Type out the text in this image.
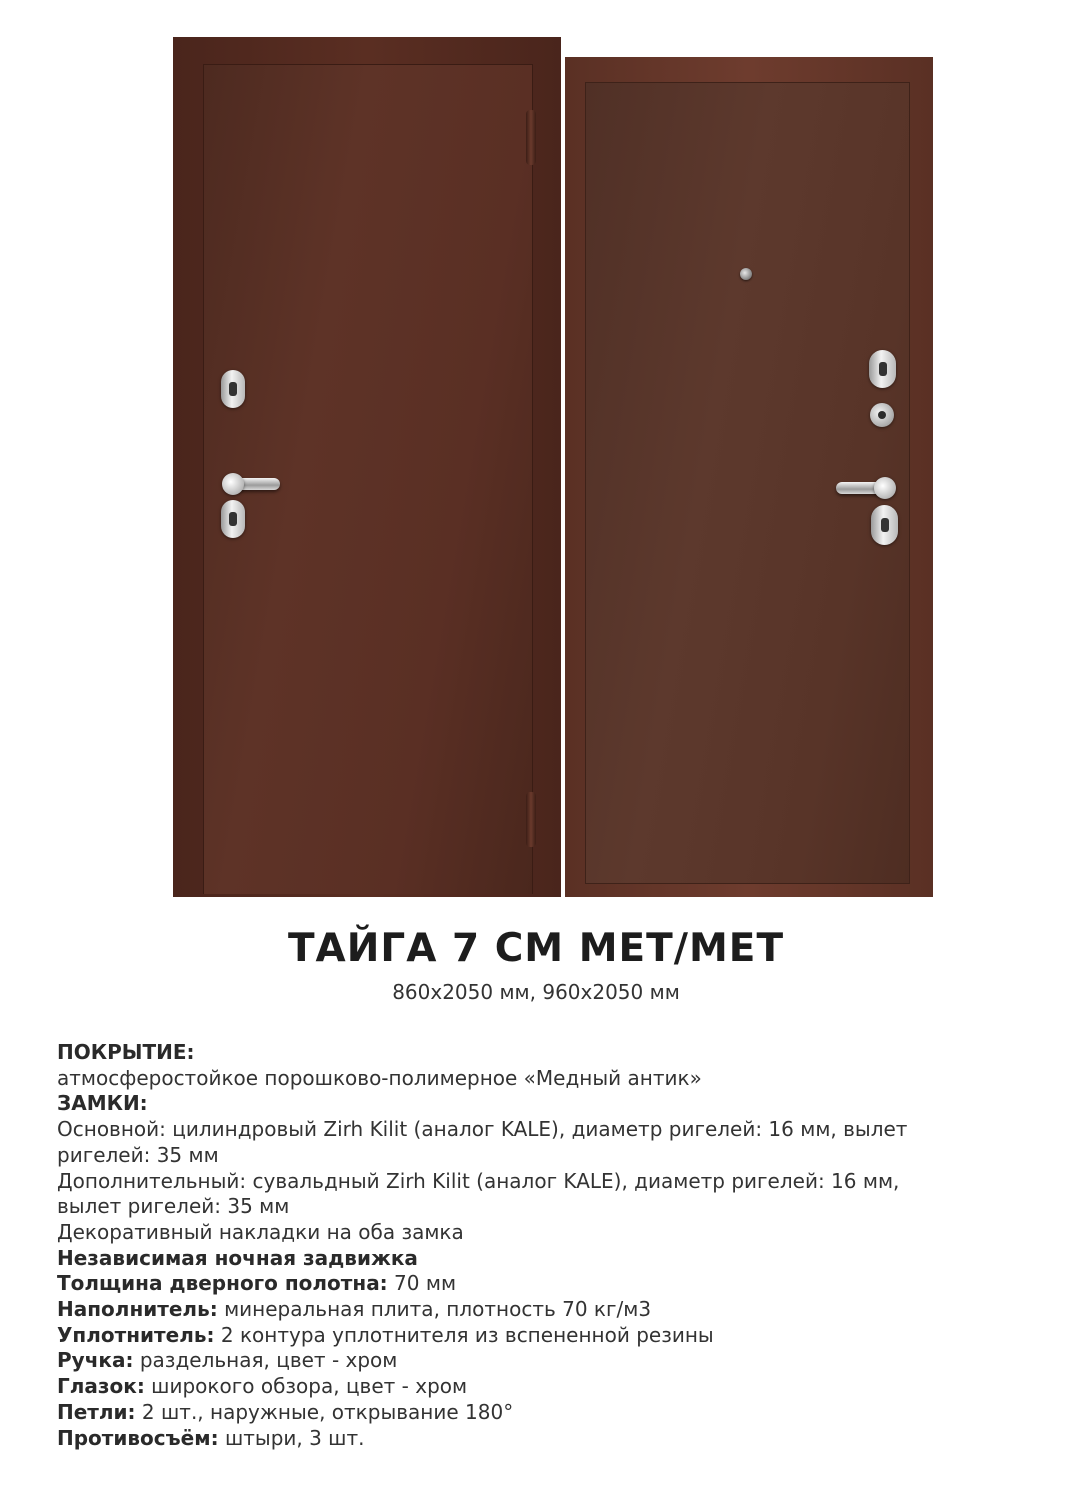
ТАЙГА 7 СМ МЕТ/МЕТ
860х2050 мм, 960х2050 мм
ПОКРЫТИЕ:
атмосферостойкое порошково-полимерное «Медный антик»
ЗАМКИ:
Основной: цилиндровый Zirh Kilit (аналог KALE), диаметр ригелей: 16 мм, вылет
ригелей: 35 мм
Дополнительный: сувальдный Zirh Kilit (аналог KALE), диаметр ригелей: 16 мм,
вылет ригелей: 35 мм
Декоративный накладки на оба замка
Независимая ночная задвижка
Толщина дверного полотна: 70 мм
Наполнитель: минеральная плита, плотность 70 кг/м3
Уплотнитель: 2 контура уплотнителя из вспененной резины
Ручка: раздельная, цвет - хром
Глазок: широкого обзора, цвет - хром
Петли: 2 шт., наружные, открывание 180°
Противосъём: штыри, 3 шт.
